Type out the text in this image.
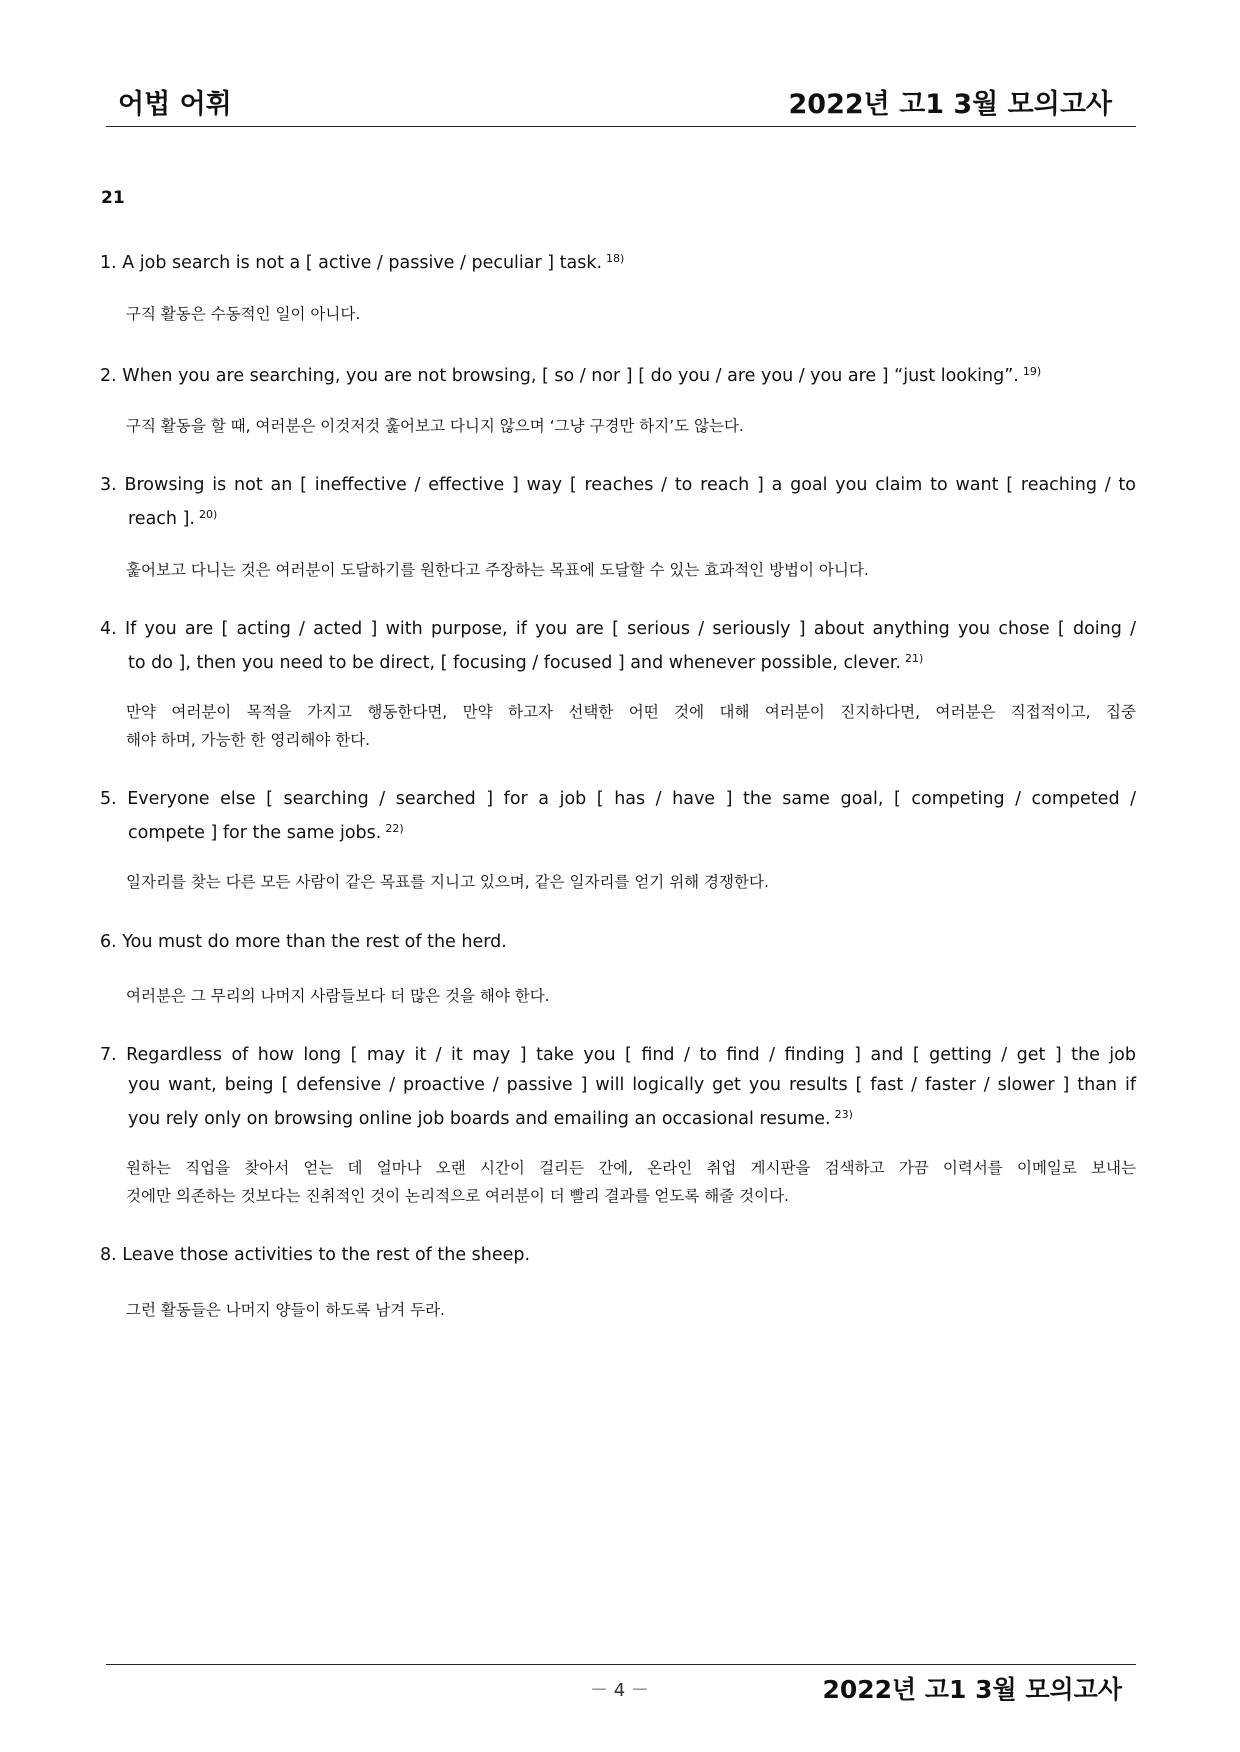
어법 어휘	2022년 고1 3월 모의고사
21
1. A job search is not a [ active / passive / peculiar ] task. $^{18)}$
구직 활동은 수동적인 일이 아니다.
2. When you are searching, you are not browsing, [ so / nor ] [ do you / are you / you are ] “just looking”. $^{19)}$
구직 활동을 할 때, 여러분은 이것저것 훑어보고 다니지 않으며 ‘그냥 구경만 하지’도 않는다.
3. Browsing is not an [ ineffective / effective ] way [ reaches / to reach ] a goal you claim to want [ reaching / to
reach ]. $^{20)}$
훑어보고 다니는 것은 여러분이 도달하기를 원한다고 주장하는 목표에 도달할 수 있는 효과적인 방법이 아니다.
4. If you are [ acting / acted ] with purpose, if you are [ serious / seriously ] about anything you chose [ doing /
to do ], then you need to be direct, [ focusing / focused ] and whenever possible, clever. $^{21)}$
만약 여러분이 목적을 가지고 행동한다면, 만약 하고자 선택한 어떤 것에 대해 여러분이 진지하다면, 여러분은 직접적이고, 집중
해야 하며, 가능한 한 영리해야 한다.
5. Everyone else [ searching / searched ] for a job [ has / have ] the same goal, [ competing / competed /
compete ] for the same jobs. $^{22)}$
일자리를 찾는 다른 모든 사람이 같은 목표를 지니고 있으며, 같은 일자리를 얻기 위해 경쟁한다.
6. You must do more than the rest of the herd.
여러분은 그 무리의 나머지 사람들보다 더 많은 것을 해야 한다.
7. Regardless of how long [ may it / it may ] take you [ find / to find / finding ] and [ getting / get ] the job
you want, being [ defensive / proactive / passive ] will logically get you results [ fast / faster / slower ] than if
you rely only on browsing online job boards and emailing an occasional resume. $^{23)}$
원하는 직업을 찾아서 얻는 데 얼마나 오랜 시간이 걸리든 간에, 온라인 취업 게시판을 검색하고 가끔 이력서를 이메일로 보내는
것에만 의존하는 것보다는 진취적인 것이 논리적으로 여러분이 더 빨리 결과를 얻도록 해줄 것이다.
8. Leave those activities to the rest of the sheep.
그런 활동들은 나머지 양들이 하도록 남겨 두라.
－ 4 －	2022년 고1 3월 모의고사
